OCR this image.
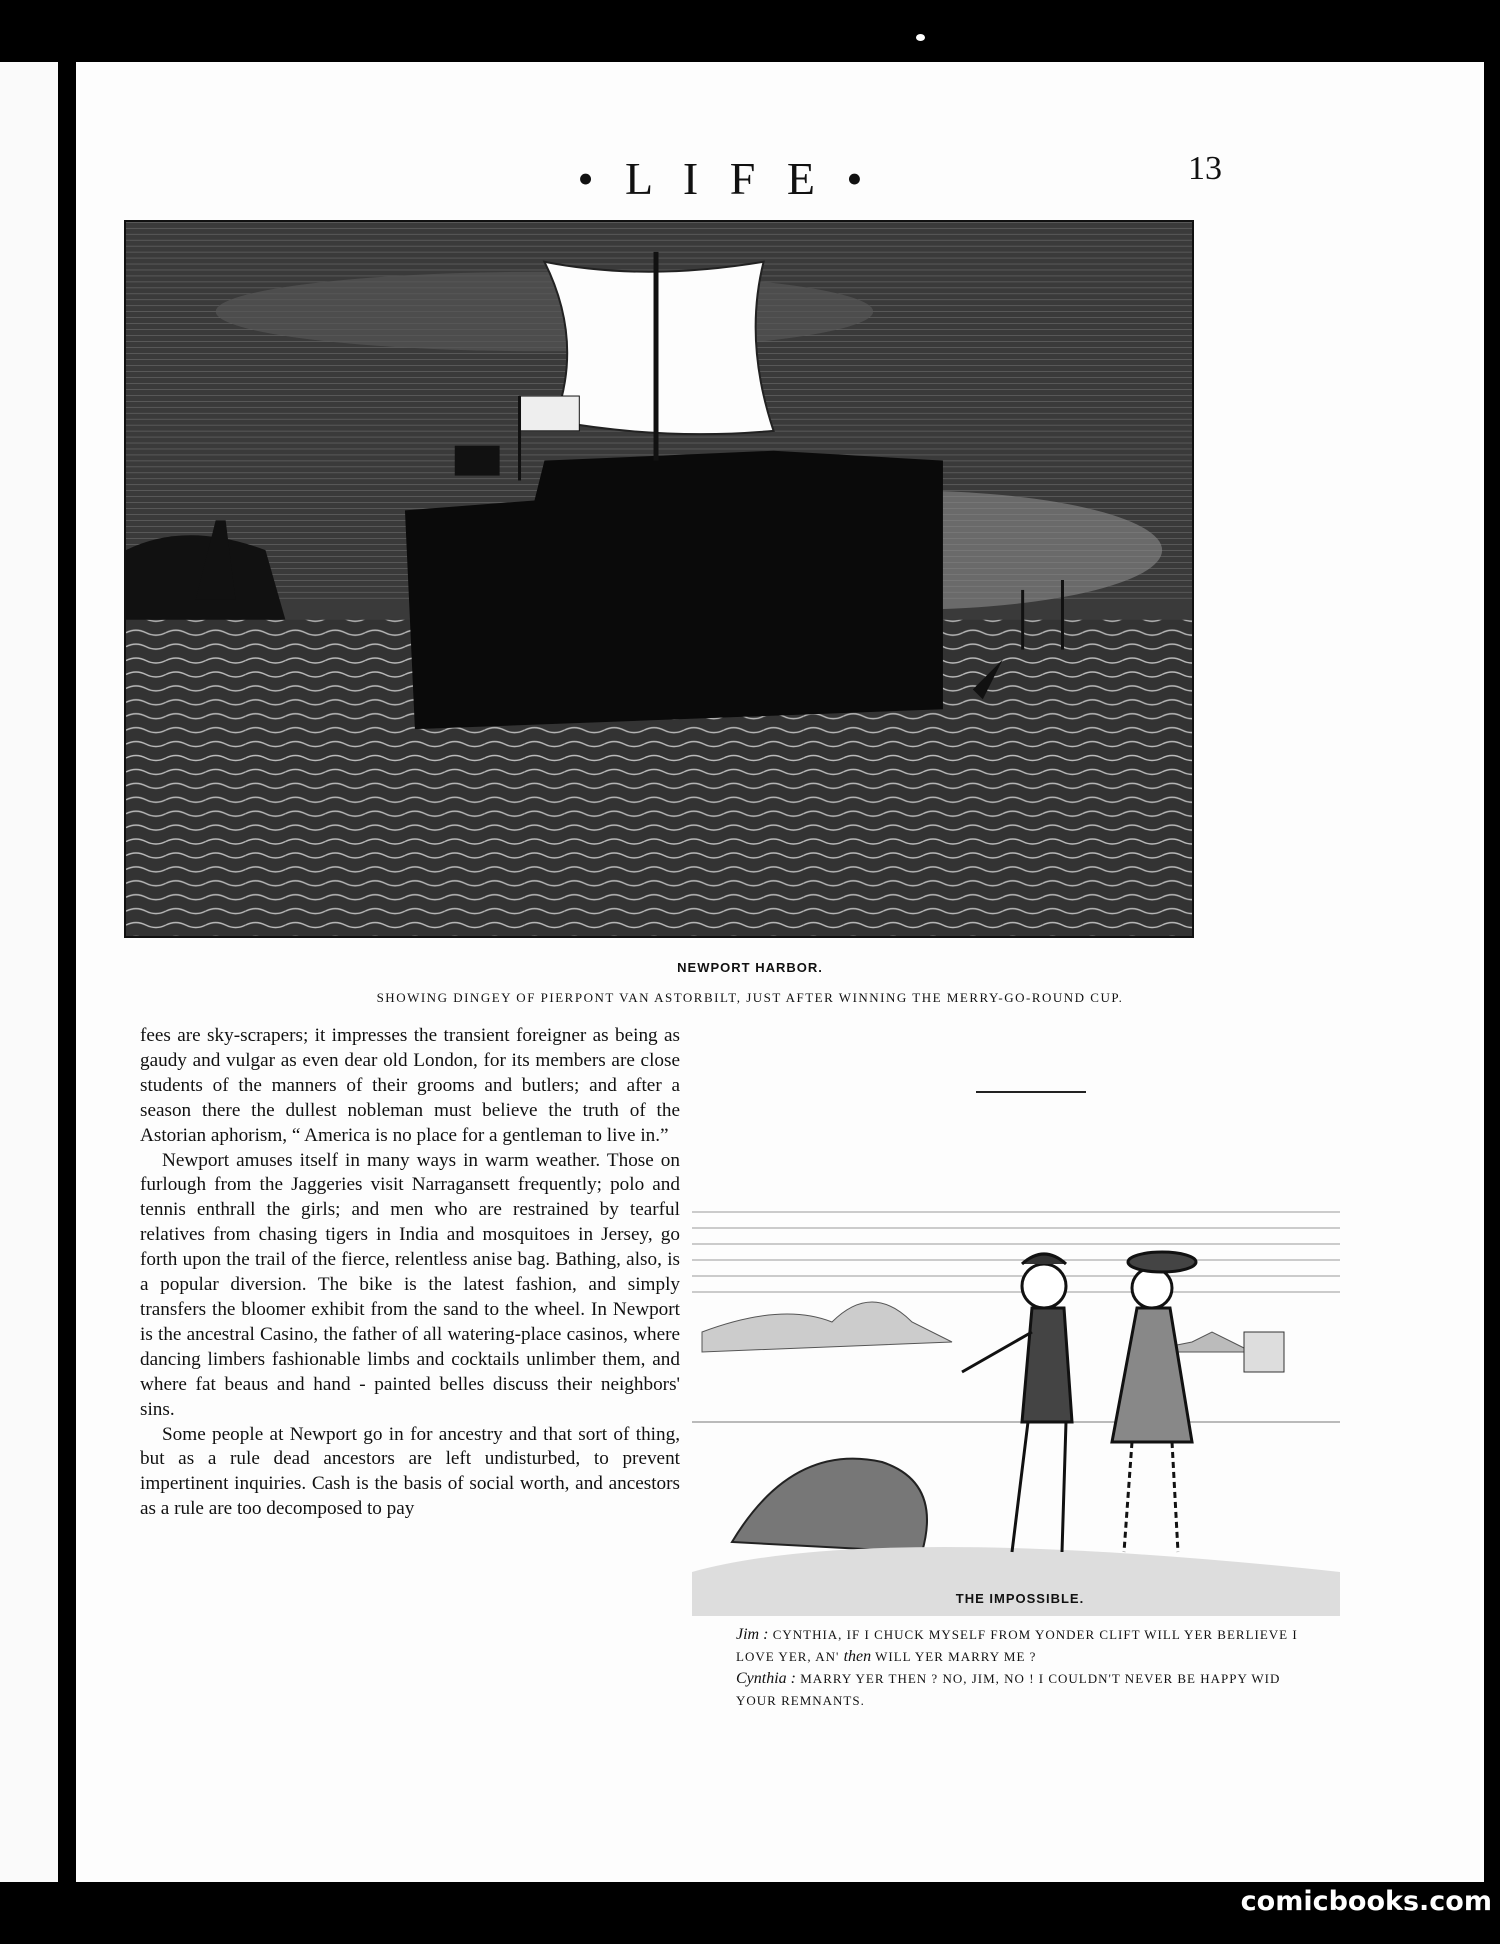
• L I F E •	13
NEWPORT HARBOR.
SHOWING DINGEY OF PIERPONT VAN ASTORBILT, JUST AFTER WINNING THE MERRY-GO-ROUND CUP.

fees are sky-scrapers; it impresses the transient foreigner as being as gaudy and vulgar as even dear old London, for its members are close students of the manners of their grooms and butlers; and after a season there the dullest nobleman must believe the truth of the Astorian aphorism, “ America is no place for a gentleman to live in.”

Newport amuses itself in many ways in warm weather. Those on furlough from the Jaggeries visit Narragansett frequently; polo and tennis enthrall the girls; and men who are restrained by tearful relatives from chasing tigers in India and mosquitoes in Jersey, go forth upon the trail of the fierce, relentless anise bag. Bathing, also, is a popular diversion. The bike is the latest fashion, and simply transfers the bloomer exhibit from the sand to the wheel. In Newport is the ancestral Casino, the father of all watering-place casinos, where dancing limbers fashionable limbs and cocktails unlimber them, and where fat beaus and hand - painted belles discuss their neighbors' sins.

Some people at Newport go in for ancestry and that sort of thing, but as a rule dead ancestors are left undisturbed, to prevent impertinent inquiries. Cash is the basis of social worth, and ancestors as a rule are too decomposed to pay

THE IMPOSSIBLE.

Jim : CYNTHIA, IF I CHUCK MYSELF FROM YONDER CLIFT WILL YER BERLIEVE I LOVE YER, AN' then WILL YER MARRY ME ?

Cynthia : MARRY YER THEN ? NO, JIM, NO ! I COULDN'T NEVER BE HAPPY WID YOUR REMNANTS.

comicbooks.com
